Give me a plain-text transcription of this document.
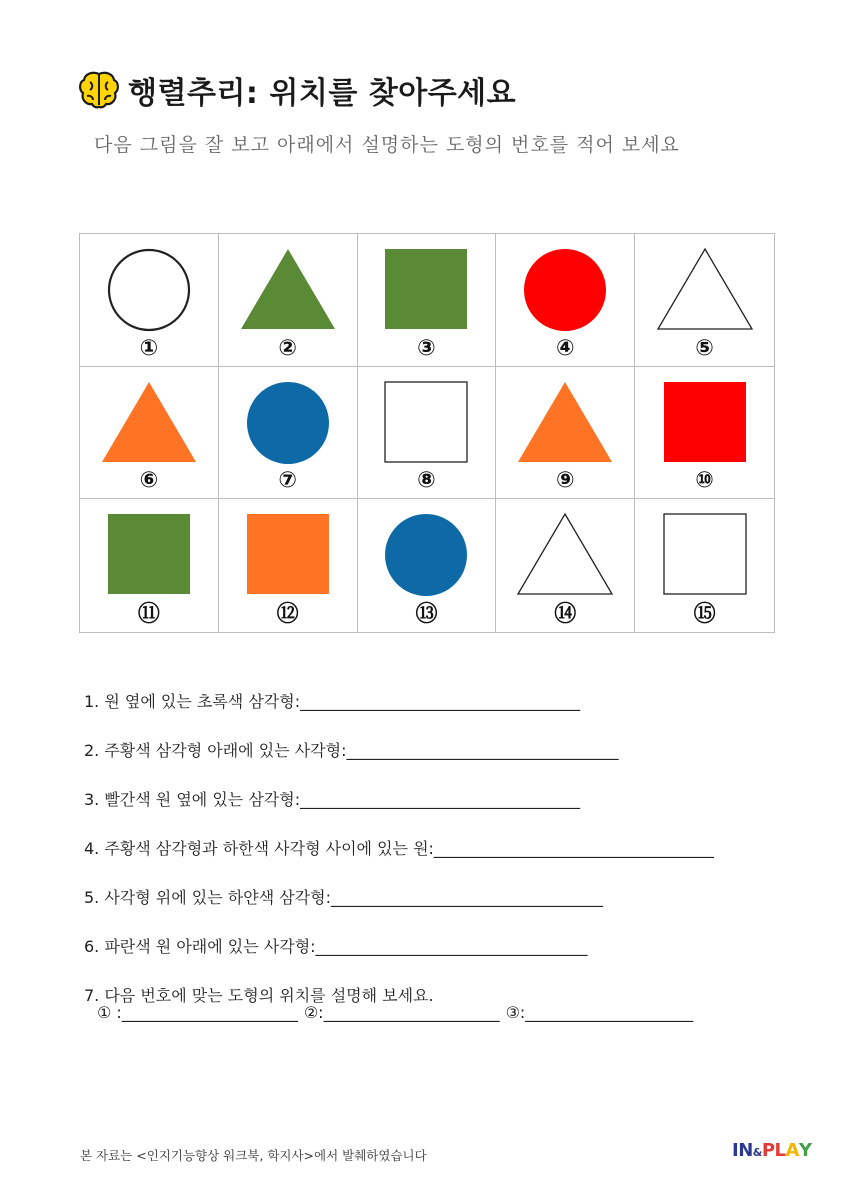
행렬추리: 위치를 찾아주세요
다음 그림을 잘 보고 아래에서 설명하는 도형의 번호를 적어 보세요
①	②	③	④	⑤
⑥	⑦	⑧	⑨	⑩
⑪	⑫	⑬	⑭	⑮
1. 원 옆에 있는 초록색 삼각형:___________________________________
2. 주황색 삼각형 아래에 있는 사각형:__________________________________
3. 빨간색 원 옆에 있는 삼각형:___________________________________
4. 주황색 삼각형과 하한색 사각형 사이에 있는 원:___________________________________
5. 사각형 위에 있는 하얀색 삼각형:__________________________________
6. 파란색 원 아래에 있는 사각형:__________________________________
7. 다음 번호에 맞는 도형의 위치를 설명해 보세요.
① :______________________ ②:______________________ ③:_____________________
본 자료는 <인지기능향상 워크북, 학지사>에서 발췌하였습니다	IN & PL A Y
